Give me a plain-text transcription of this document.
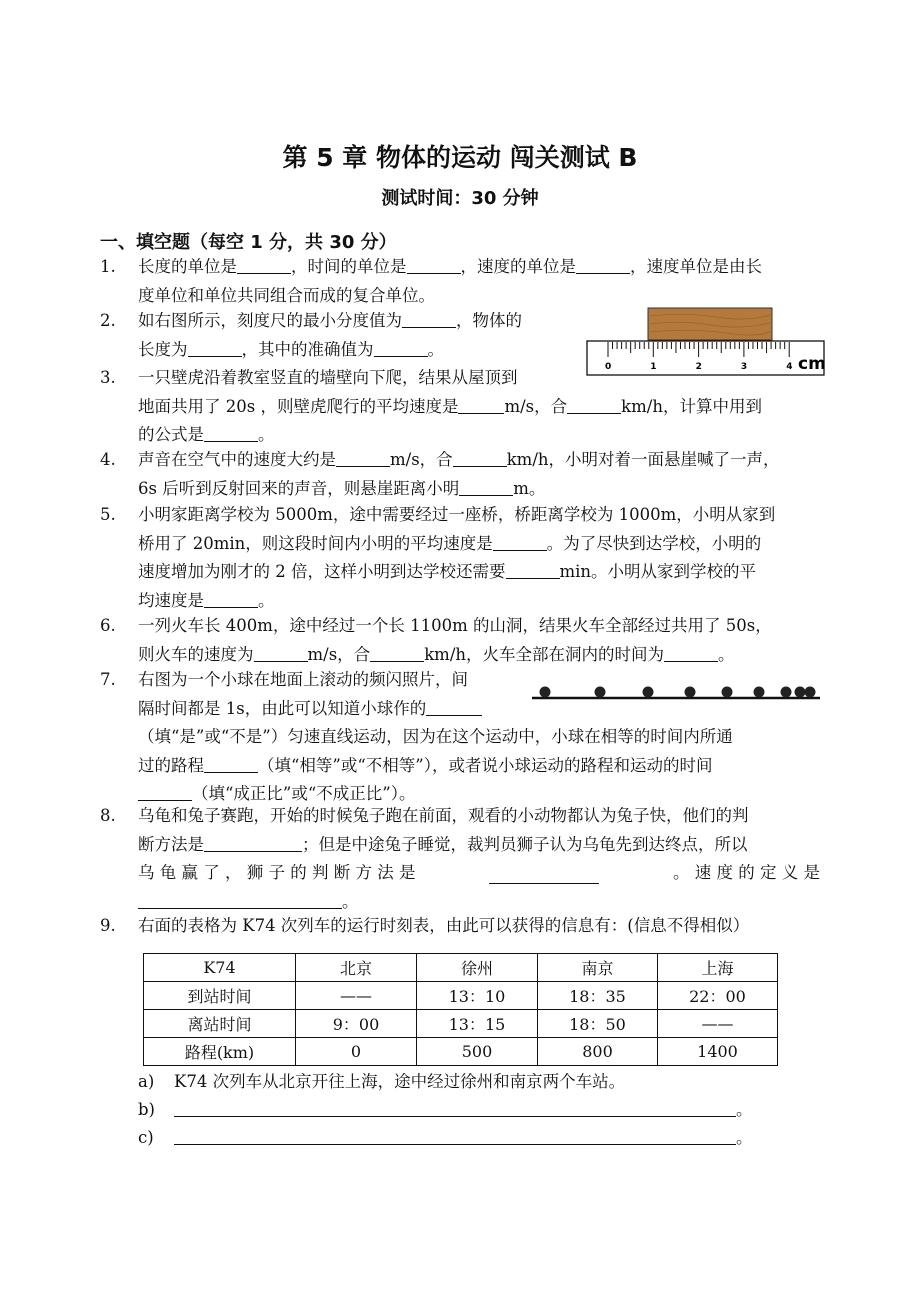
第 5 章 物体的运动 闯关测试 B
测试时间：30 分钟
一、填空题（每空 1 分，共 30 分）
1. 长度的单位是	，时间的单位是	，速度的单位是	，速度单位是由长
度单位和单位共同组合而成的复合单位。
2. 如右图所示，刻度尺的最小分度值为	，物体的
长度为	，其中的准确值为	。
0	1	2	3	4 cm
3. 一只壁虎沿着教室竖直的墙壁向下爬，结果从屋顶到
地面共用了 20s ，则壁虎爬行的平均速度是	m/s，合	km/h，计算中用到
的公式是	。
4. 声音在空气中的速度大约是	m/s，合	km/h，小明对着一面悬崖喊了一声，
6s 后听到反射回来的声音，则悬崖距离小明	m。
5. 小明家距离学校为 5000m，途中需要经过一座桥，桥距离学校为 1000m，小明从家到
桥用了 20min，则这段时间内小明的平均速度是	。为了尽快到达学校，小明的
速度增加为刚才的 2 倍，这样小明到达学校还需要	min。小明从家到学校的平
均速度是	。
6. 一列火车长 400m，途中经过一个长 1100m 的山洞，结果火车全部经过共用了 50s，
则火车的速度为	m/s，合	km/h，火车全部在洞内的时间为	。
7. 右图为一个小球在地面上滚动的频闪照片，间
隔时间都是 1s，由此可以知道小球作的
（填“是”或“不是”）匀速直线运动，因为在这个运动中，小球在相等的时间内所通
过的路程	（填“相等”或“不相等”），或者说小球运动的路程和运动的时间
（填“成正比”或“不成正比”）。
8. 乌龟和兔子赛跑，开始的时候兔子跑在前面，观看的小动物都认为兔子快，他们的判
断方法是	；但是中途兔子睡觉，裁判员狮子认为乌龟先到达终点，所以
乌 龟 赢 了 ， 狮 子 的 判 断 方 法 是	。 速 度 的 定 义 是
。
9. 右面的表格为 K74 次列车的运行时刻表，由此可以获得的信息有：(信息不得相似）
K74	北京	徐州	南京	上海
到站时间	——	13：10	18：35	22：00
离站时间	9：00	13：15	18：50	——
路程(km)	0	500	800	1400
a) K74 次列车从北京开往上海，途中经过徐州和南京两个车站。
b)	。
c)	。
